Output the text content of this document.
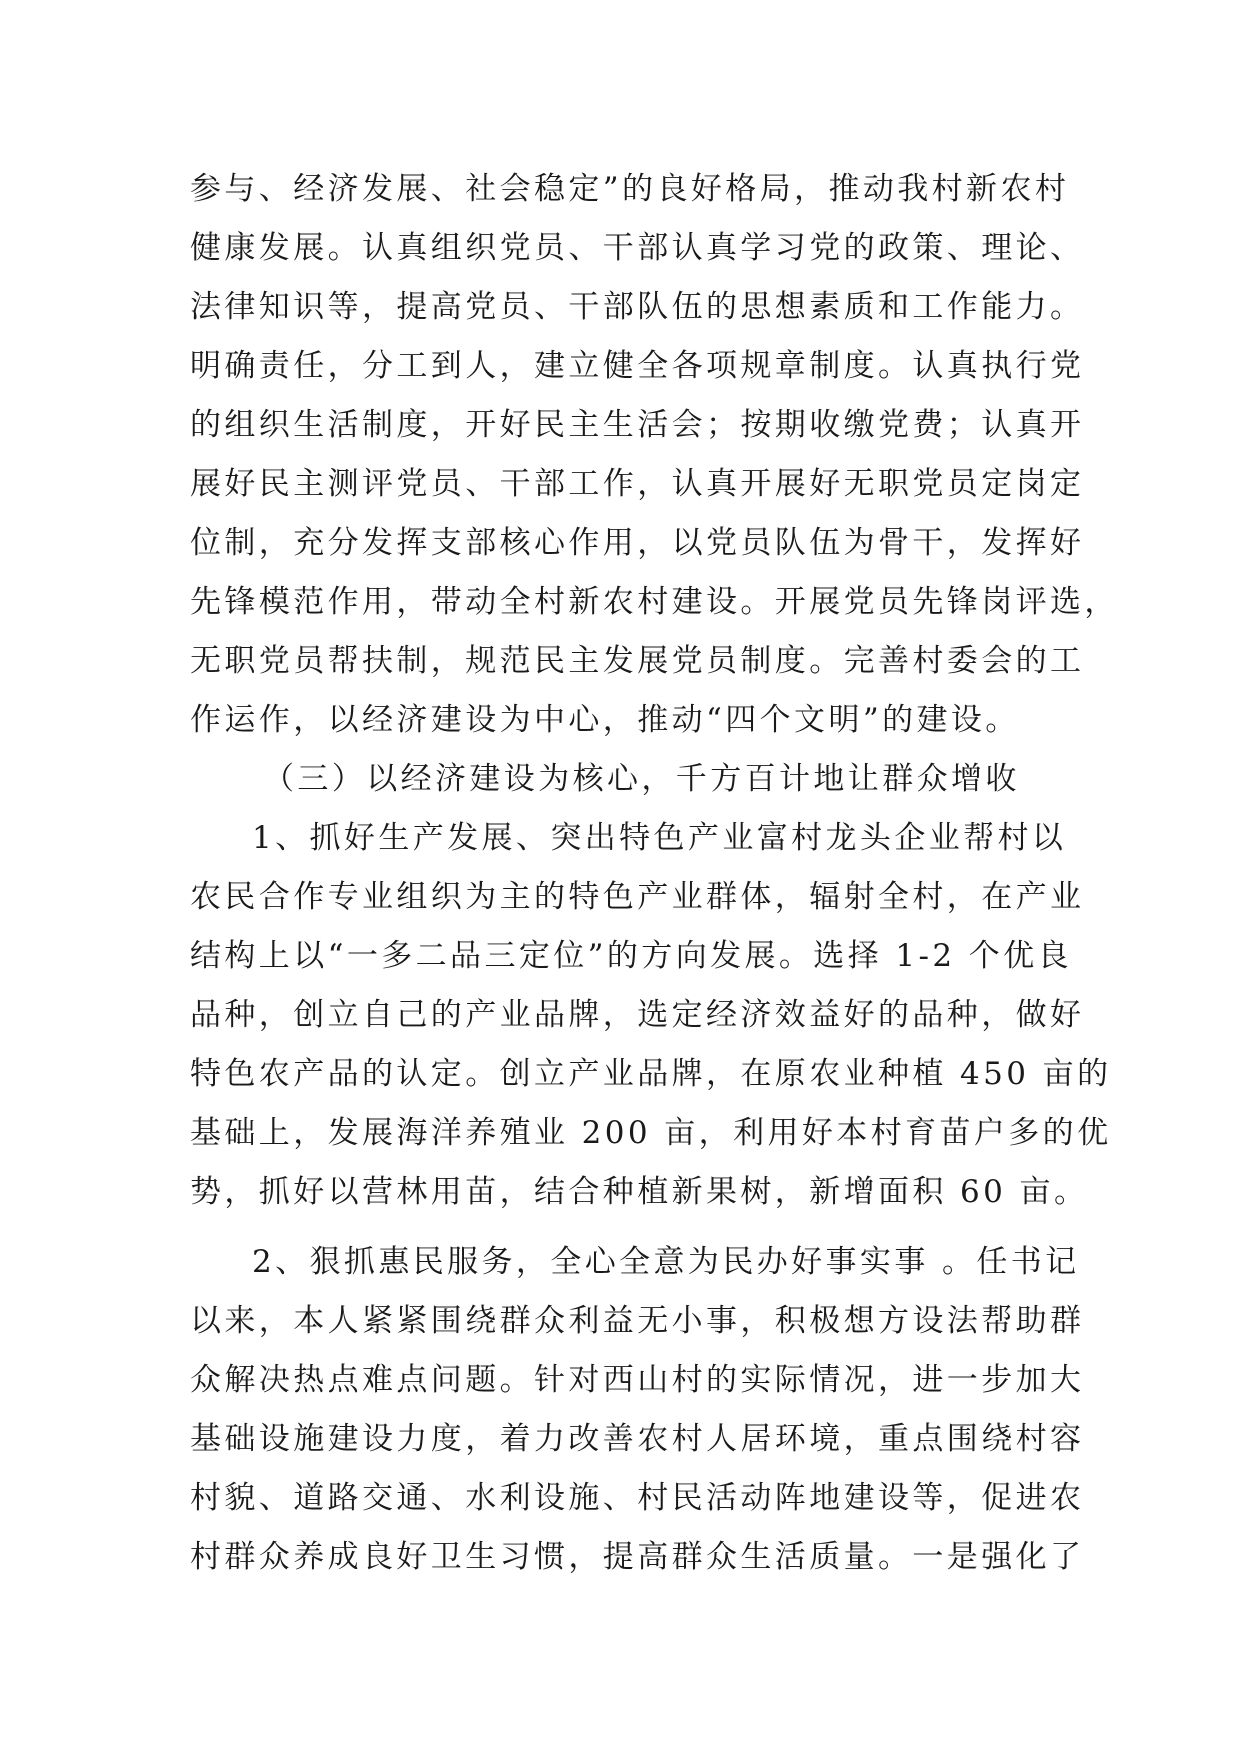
参与、经济发展、社会稳定”的良好格局，推动我村新农村
健康发展。认真组织党员、干部认真学习党的政策、理论、
法律知识等，提高党员、干部队伍的思想素质和工作能力。
明确责任，分工到人，建立健全各项规章制度。认真执行党
的组织生活制度，开好民主生活会；按期收缴党费；认真开
展好民主测评党员、干部工作，认真开展好无职党员定岗定
位制，充分发挥支部核心作用，以党员队伍为骨干，发挥好
先锋模范作用，带动全村新农村建设。开展党员先锋岗评选，
无职党员帮扶制，规范民主发展党员制度。完善村委会的工
作运作，以经济建设为中心，推动“四个文明”的建设。
（三）以经济建设为核心，千方百计地让群众增收
1、抓好生产发展、突出特色产业富村龙头企业帮村以
农民合作专业组织为主的特色产业群体，辐射全村，在产业
结构上以“一多二品三定位”的方向发展。选择 1-2 个优良
品种，创立自己的产业品牌，选定经济效益好的品种，做好
特色农产品的认定。创立产业品牌，在原农业种植 450 亩的
基础上，发展海洋养殖业 200 亩，利用好本村育苗户多的优
势，抓好以营林用苗，结合种植新果树，新增面积 60 亩。
2、狠抓惠民服务，全心全意为民办好事实事 。任书记
以来，本人紧紧围绕群众利益无小事，积极想方设法帮助群
众解决热点难点问题。针对西山村的实际情况，进一步加大
基础设施建设力度，着力改善农村人居环境，重点围绕村容
村貌、道路交通、水利设施、村民活动阵地建设等，促进农
村群众养成良好卫生习惯，提高群众生活质量。一是强化了
